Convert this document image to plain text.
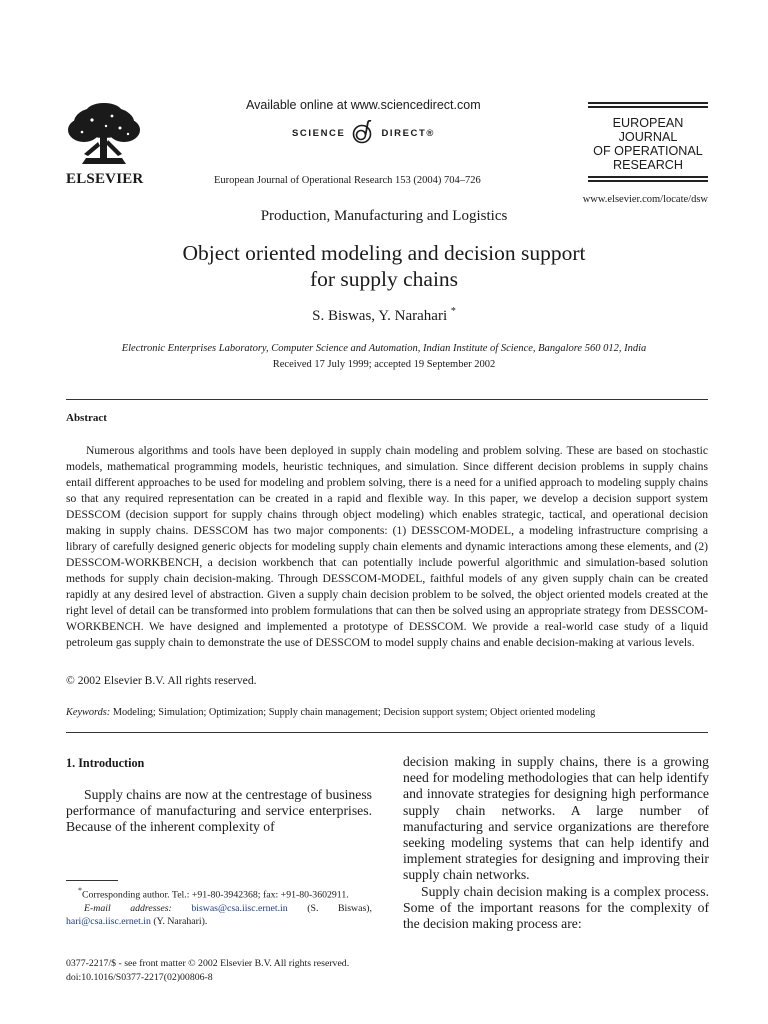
ELSEVIER
Available online at www.sciencedirect.com
SCIENCE	DIRECT®
European Journal of Operational Research 153 (2004) 704–726
EUROPEAN
JOURNAL
OF OPERATIONAL
RESEARCH
www.elsevier.com/locate/dsw
Production, Manufacturing and Logistics
Object oriented modeling and decision support
for supply chains
S. Biswas, Y. Narahari *
Electronic Enterprises Laboratory, Computer Science and Automation, Indian Institute of Science, Bangalore 560 012, India
Received 17 July 1999; accepted 19 September 2002
Abstract
Numerous algorithms and tools have been deployed in supply chain modeling and problem solving. These are based on stochastic models, mathematical programming models, heuristic techniques, and simulation. Since different decision problems in supply chains entail different approaches to be used for modeling and problem solving, there is a need for a unified approach to modeling supply chains so that any required representation can be created in a rapid and flexible way. In this paper, we develop a decision support system DESSCOM (decision support for supply chains through object modeling) which enables strategic, tactical, and operational decision making in supply chains. DESSCOM has two major components: (1) DESSCOM-MODEL, a modeling infrastructure comprising a library of carefully designed generic objects for modeling supply chain elements and dynamic interactions among these elements, and (2) DESSCOM-WORKBENCH, a decision workbench that can potentially include powerful algorithmic and simulation-based solution methods for supply chain decision-making. Through DESSCOM-MODEL, faithful models of any given supply chain can be created rapidly at any desired level of abstraction. Given a supply chain decision problem to be solved, the object oriented models created at the right level of detail can be transformed into problem formulations that can then be solved using an appropriate strategy from DESSCOM-WORKBENCH. We have designed and implemented a prototype of DESSCOM. We provide a real-world case study of a liquid petroleum gas supply chain to demonstrate the use of DESSCOM to model supply chains and enable decision-making at various levels.
© 2002 Elsevier B.V. All rights reserved.
Keywords: Modeling; Simulation; Optimization; Supply chain management; Decision support system; Object oriented modeling
1. Introduction
Supply chains are now at the centrestage of business performance of manufacturing and service enterprises. Because of the inherent complexity of
decision making in supply chains, there is a growing need for modeling methodologies that can help identify and innovate strategies for designing high performance supply chain networks. A large number of manufacturing and service organizations are therefore seeking modeling systems that can help identify and implement strategies for designing and improving their supply chain networks.
Supply chain decision making is a complex process. Some of the important reasons for the complexity of the decision making process are:
*Corresponding author. Tel.: +91-80-3942368; fax: +91-80-3602911.
E-mail addresses: biswas@csa.iisc.ernet.in (S. Biswas), hari@csa.iisc.ernet.in (Y. Narahari).
0377-2217/$ - see front matter © 2002 Elsevier B.V. All rights reserved.
doi:10.1016/S0377-2217(02)00806-8
